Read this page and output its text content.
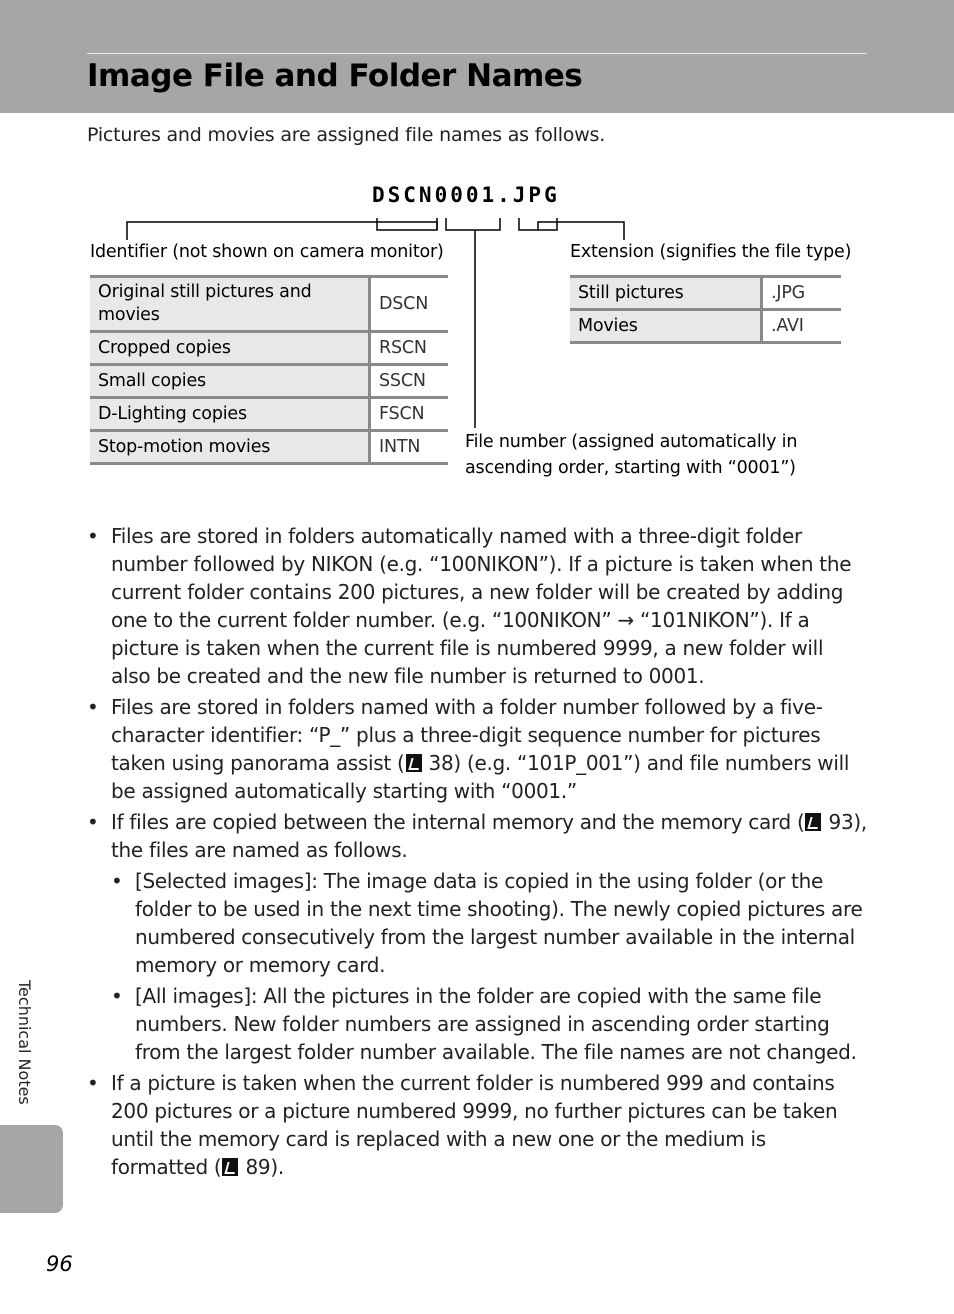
Image File and Folder Names
Pictures and movies are assigned file names as follows.
DSCN0001.JPG
Identifier (not shown on camera monitor)	Extension (signifies the file type)
Original still pictures and movies	DSCN
Cropped copies	RSCN
Small copies	SSCN
D-Lighting copies	FSCN
Stop-motion movies	INTN
Still pictures	.JPG
Movies	.AVI
File number (assigned automatically in ascending order, starting with “0001”)
• Files are stored in folders automatically named with a three-digit folder number followed by NIKON (e.g. “100NIKON”). If a picture is taken when the current folder contains 200 pictures, a new folder will be created by adding one to the current folder number. (e.g. “100NIKON” → “101NIKON”). If a picture is taken when the current file is numbered 9999, a new folder will also be created and the new file number is returned to 0001.
• Files are stored in folders named with a folder number followed by a five-character identifier: “P_” plus a three-digit sequence number for pictures taken using panorama assist ( 38) (e.g. “101P_001”) and file numbers will be assigned automatically starting with “0001.”
• If files are copied between the internal memory and the memory card ( 93), the files are named as follows.
• [Selected images]: The image data is copied in the using folder (or the folder to be used in the next time shooting). The newly copied pictures are numbered consecutively from the largest number available in the internal memory or memory card.
• [All images]: All the pictures in the folder are copied with the same file numbers. New folder numbers are assigned in ascending order starting from the largest folder number available. The file names are not changed.
• If a picture is taken when the current folder is numbered 999 and contains 200 pictures or a picture numbered 9999, no further pictures can be taken until the memory card is replaced with a new one or the medium is formatted ( 89).
Technical Notes
96
